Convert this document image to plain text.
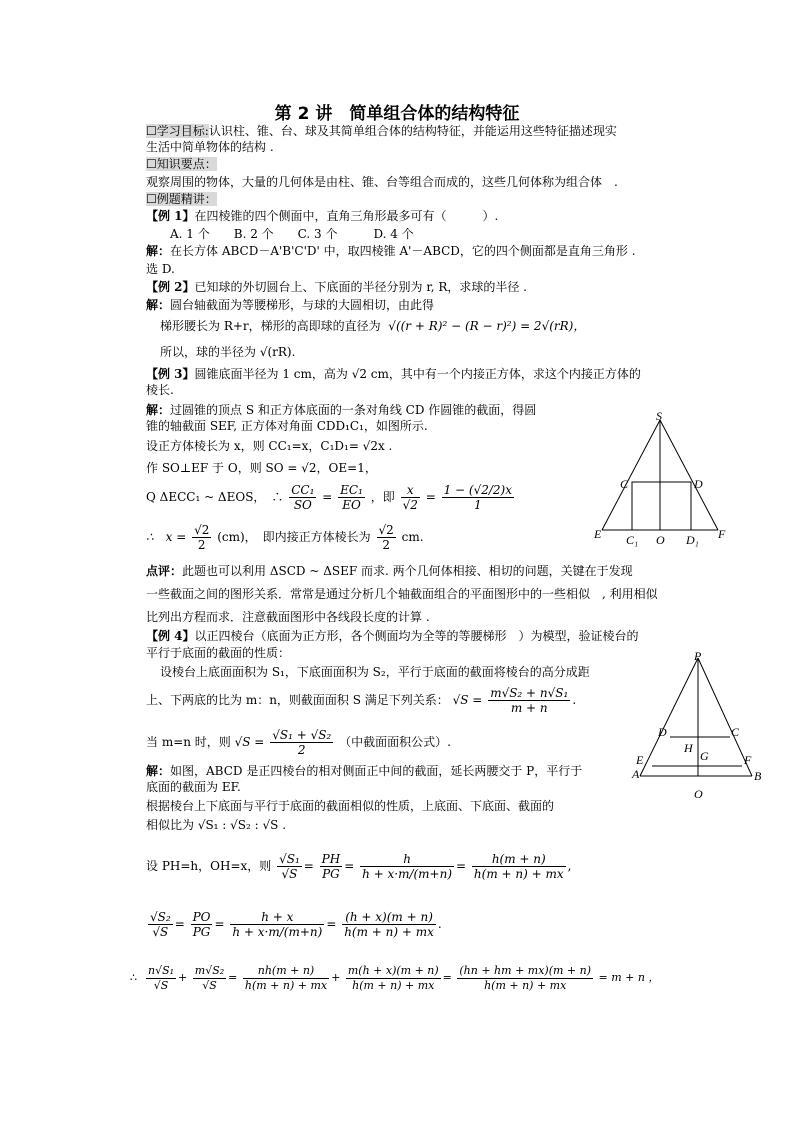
第 2 讲　简单组合体的结构特征
☐学习目标:认识柱、锥、台、球及其简单组合体的结构特征，并能运用这些特征描述现实
生活中简单物体的结构 .
☐知识要点：
观察周围的物体，大量的几何体是由柱、锥、台等组合而成的，这些几何体称为组合体　.
☐例题精讲：
【例 1】在四棱锥的四个侧面中，直角三角形最多可有（　　　）.
A. 1 个　　B. 2 个　　C. 3 个　　　D. 4 个
解：在长方体 ABCD－A'B'C'D' 中，取四棱锥 A'－ABCD，它的四个侧面都是直角三角形 .
选 D.
【例 2】已知球的外切圆台上、下底面的半径分别为 r, R，求球的半径 .
解：圆台轴截面为等腰梯形，与球的大圆相切，由此得
梯形腰长为 R+r，梯形的高即球的直径为 √((r + R)² − (R − r)²) = 2√(rR)，
所以，球的半径为 √(rR).
【例 3】圆锥底面半径为 1 cm，高为 √2 cm，其中有一个内接正方体，求这个内接正方体的
棱长.
解：过圆锥的顶点 S 和正方体底面的一条对角线 CD 作圆锥的截面，得圆
锥的轴截面 SEF, 正方体对角面 CDD₁C₁，如图所示.
设正方体棱长为 x，则 CC₁=x，C₁D₁= √2x .
作 SO⊥EF 于 O，则 SO = √2，OE=1，
Q ΔECC₁ ~ ΔEOS，　∴ $\frac{\text{CC₁}}{SO} = \frac{\text{EC₁}}{EO}$ ，即 $\frac{x}{√2} = \frac{1 - (√2/2)x}{1}$
∴　$x = \frac{√2}{2} (cm)$，　即内接正方体棱长为 $\frac{√2}{2}$ cm.
点评：此题也可以利用 ΔSCD ~ ΔSEF 而求. 两个几何体相接、相切的问题，关键在于发现
一些截面之间的图形关系．常常是通过分析几个轴截面组合的平面图形中的一些相似　, 利用相似
比列出方程而求．注意截面图形中各线段长度的计算 .
【例 4】以正四棱台（底面为正方形，各个侧面均为全等的等腰梯形　）为模型，验证棱台的
平行于底面的截面的性质：
设棱台上底面面积为 S₁，下底面面积为 S₂，平行于底面的截面将棱台的高分成距
上、下两底的比为 m：n，则截面面积 S 满足下列关系： $√S = \frac{\text{m√S₂ + n√S₁}}{m + n}$ .
当 m=n 时，则 $√S = \frac{\text{√S₁ + √S₂}}{2}$ （中截面面积公式）.
解：如图，ABCD 是正四棱台的相对侧面正中间的截面，延长两腰交于 P，平行于
底面的截面为 EF.
根据棱台上下底面与平行于底面的截面相似的性质，上底面、下底面、截面的
相似比为 √S₁ : √S₂ : √S .
设 PH=h，OH=x，则 $\frac{\text{√S₁}}{√S} = \frac{PH}{PG} = \frac{h}{h + x\cdot m/(m+n)} = \frac{h(m + n)}{h(m + n) + mx}$ ,
$\frac{\text{√S₂}}{√S} = \frac{PO}{PG} = \frac{h + x}{h + x\cdot m/(m+n)} = \frac{(h + x)(m + n)}{h(m + n) + mx}$ .
∴ $\frac{\text{n√S₁}}{√S} + \frac{\text{m√S₂}}{√S} = \frac{nh(m + n)}{h(m + n) + mx} + \frac{m(h + x)(m + n)}{h(m + n) + mx} = \frac{(hn + hm + mx)(m + n)}{h(m + n) + mx} = m + n$ ，
S
C	D
E C₁ O D₁ F
P
D	C
H
G
E	F
A	B
O
